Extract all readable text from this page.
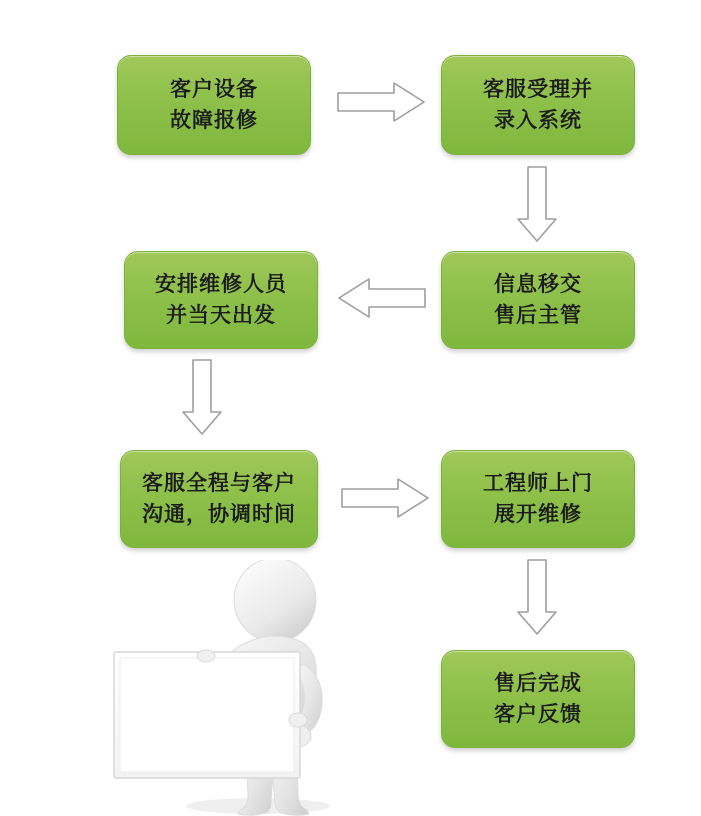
客户设备
故障报修
客服受理并
录入系统
信息移交
售后主管
安排维修人员
并当天出发
客服全程与客户
沟通，协调时间
工程师上门
展开维修
售后完成
客户反馈
